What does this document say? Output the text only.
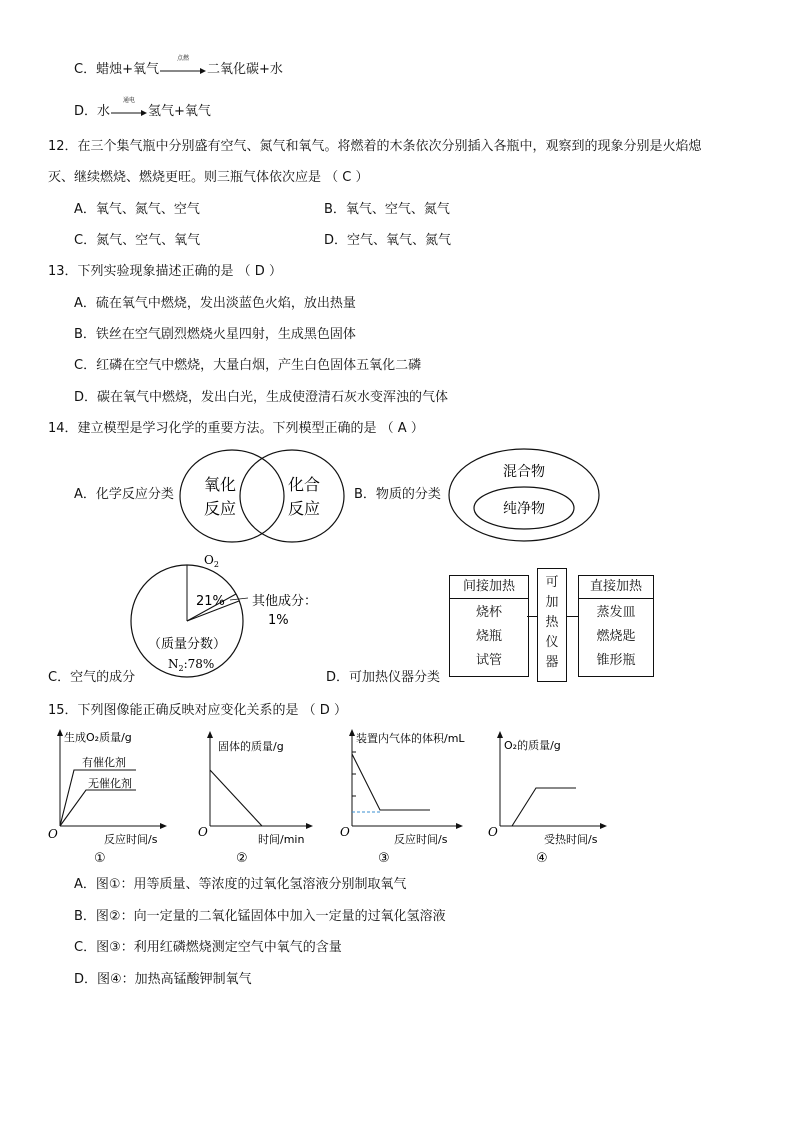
C．蜡烛+氧气
点燃
二氧化碳+水
D．水
通电
氢气+氧气
12．在三个集气瓶中分别盛有空气、氮气和氧气。将燃着的木条依次分别插入各瓶中，观察到的现象分别是火焰熄
灭、继续燃烧、燃烧更旺。则三瓶气体依次应是 （ C ）
A．氧气、氮气、空气	B．氧气、空气、氮气
C．氮气、空气、氧气	D．空气、氧气、氮气
13．下列实验现象描述正确的是 （ D ）
A．硫在氧气中燃烧，发出淡蓝色火焰，放出热量
B．铁丝在空气剧烈燃烧火星四射，生成黑色固体
C．红磷在空气中燃烧，大量白烟，产生白色固体五氧化二磷
D．碳在氧气中燃烧，发出白光，生成使澄清石灰水变浑浊的气体
14．建立模型是学习化学的重要方法。下列模型正确的是 （ A ）
A．化学反应分类
氧化
反应
化合
反应
B．物质的分类
混合物
纯净物
$O_2$
21% 其他成分：
1%
（质量分数）
$N_2:78\%$
C．空气的成分	D．可加热仪器分类
间接加热
烧杯
烧瓶
试管
可
加
热
仪
器
直接加热
蒸发皿
燃烧匙
锥形瓶
15．下列图像能正确反映对应变化关系的是 （ D ）
生成O₂质量/g
有催化剂
无催化剂
O	反应时间/s
①
固体的质量/g
O
时间/min
②
装置内气体的体积/mL
O
反应时间/s
③
O₂的质量/g
O
受热时间/s
④
A．图①：用等质量、等浓度的过氧化氢溶液分别制取氧气
B．图②：向一定量的二氧化锰固体中加入一定量的过氧化氢溶液
C．图③：利用红磷燃烧测定空气中氧气的含量
D．图④：加热高锰酸钾制氧气
